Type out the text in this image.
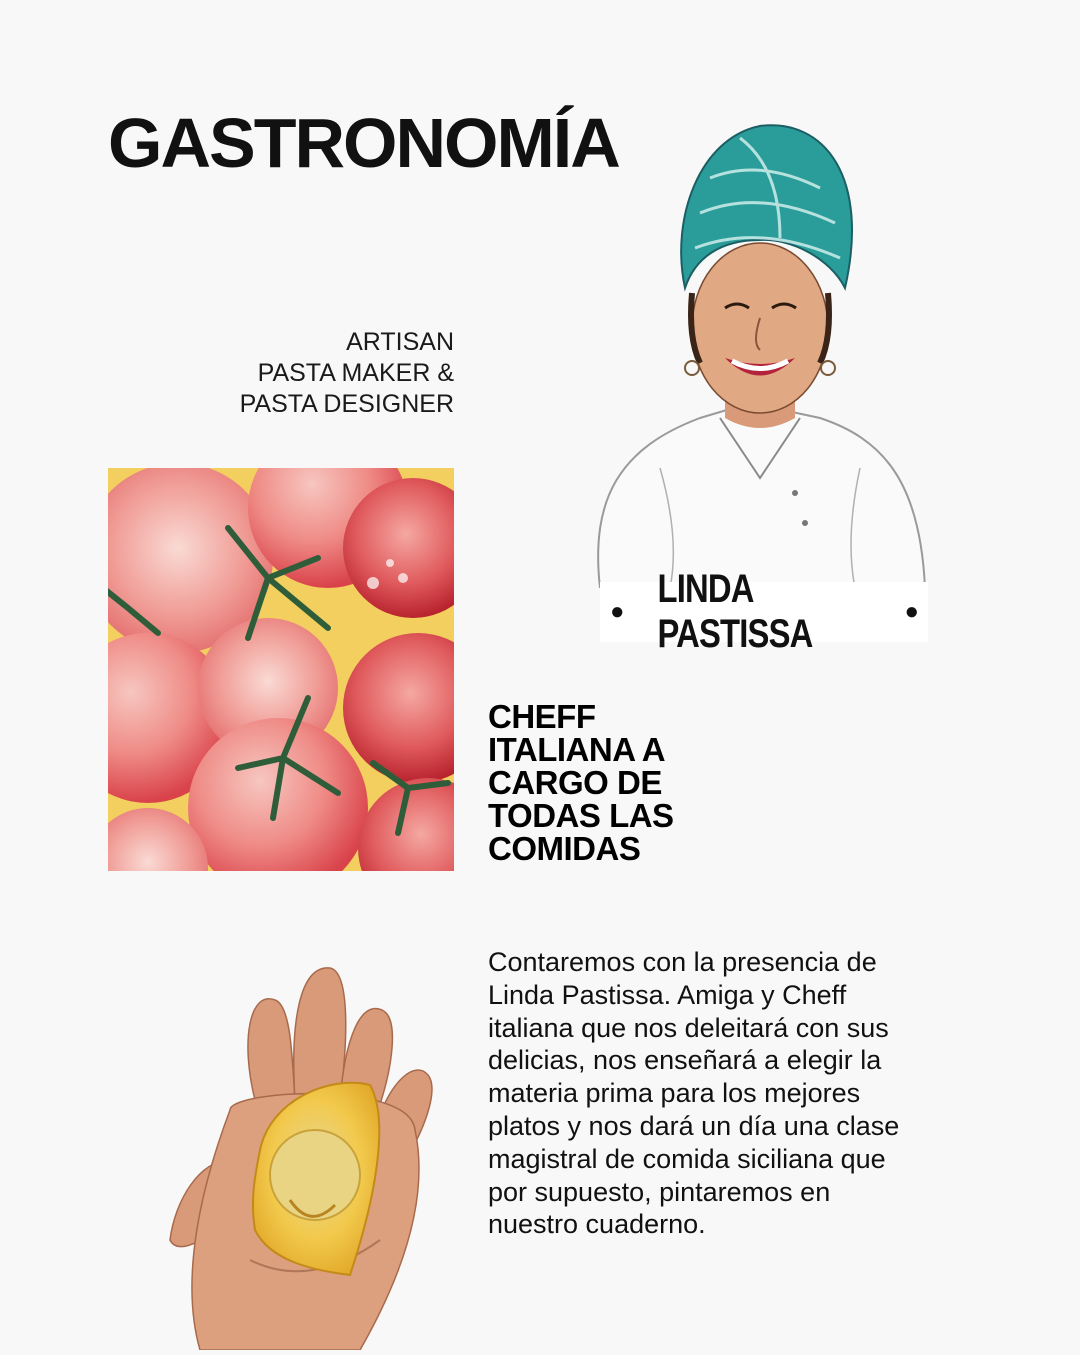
GASTRONOMÍA
ARTISAN
PASTA MAKER &
PASTA DESIGNER
●
LINDA PASTISSA
●
CHEFF
ITALIANA A
CARGO DE
TODAS LAS
COMIDAS
Contaremos con la presencia de
Linda Pastissa. Amiga y Cheff
italiana que nos deleitará con sus
delicias, nos enseñará a elegir la
materia prima para los mejores
platos y nos dará un día una clase
magistral de comida siciliana que
por supuesto, pintaremos en
nuestro cuaderno.
